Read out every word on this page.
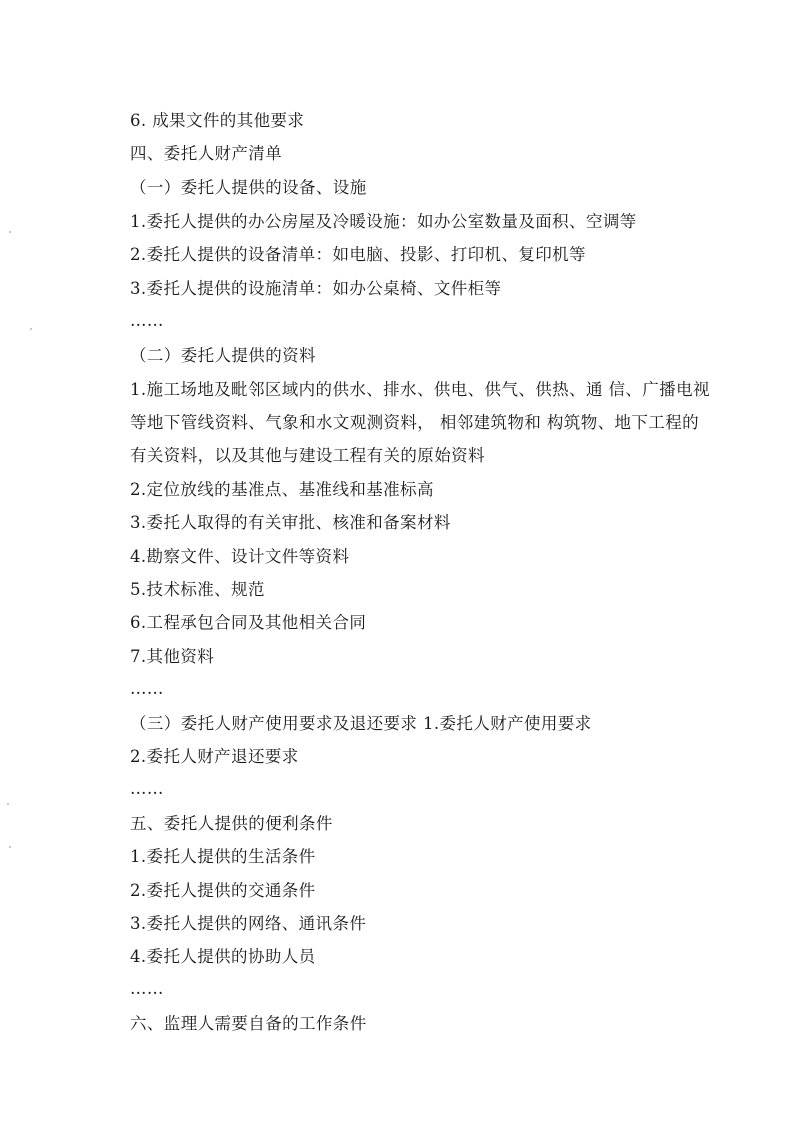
6. 成果文件的其他要求
四、委托人财产清单
（一）委托人提供的设备、设施
1.委托人提供的办公房屋及冷暖设施：如办公室数量及面积、空调等
2.委托人提供的设备清单：如电脑、投影、打印机、复印机等
3.委托人提供的设施清单：如办公桌椅、文件柜等
……
（二）委托人提供的资料
1.施工场地及毗邻区域内的供水、排水、供电、供气、供热、通 信、广播电视等地下管线资料、气象和水文观测资料， 相邻建筑物和 构筑物、地下工程的有关资料，以及其他与建设工程有关的原始资料
2.定位放线的基准点、基准线和基准标高
3.委托人取得的有关审批、核准和备案材料
4.勘察文件、设计文件等资料
5.技术标准、规范
6.工程承包合同及其他相关合同
7.其他资料
……
（三）委托人财产使用要求及退还要求 1.委托人财产使用要求
2.委托人财产退还要求
……
五、委托人提供的便利条件
1.委托人提供的生活条件
2.委托人提供的交通条件
3.委托人提供的网络、通讯条件
4.委托人提供的协助人员
……
六、监理人需要自备的工作条件
